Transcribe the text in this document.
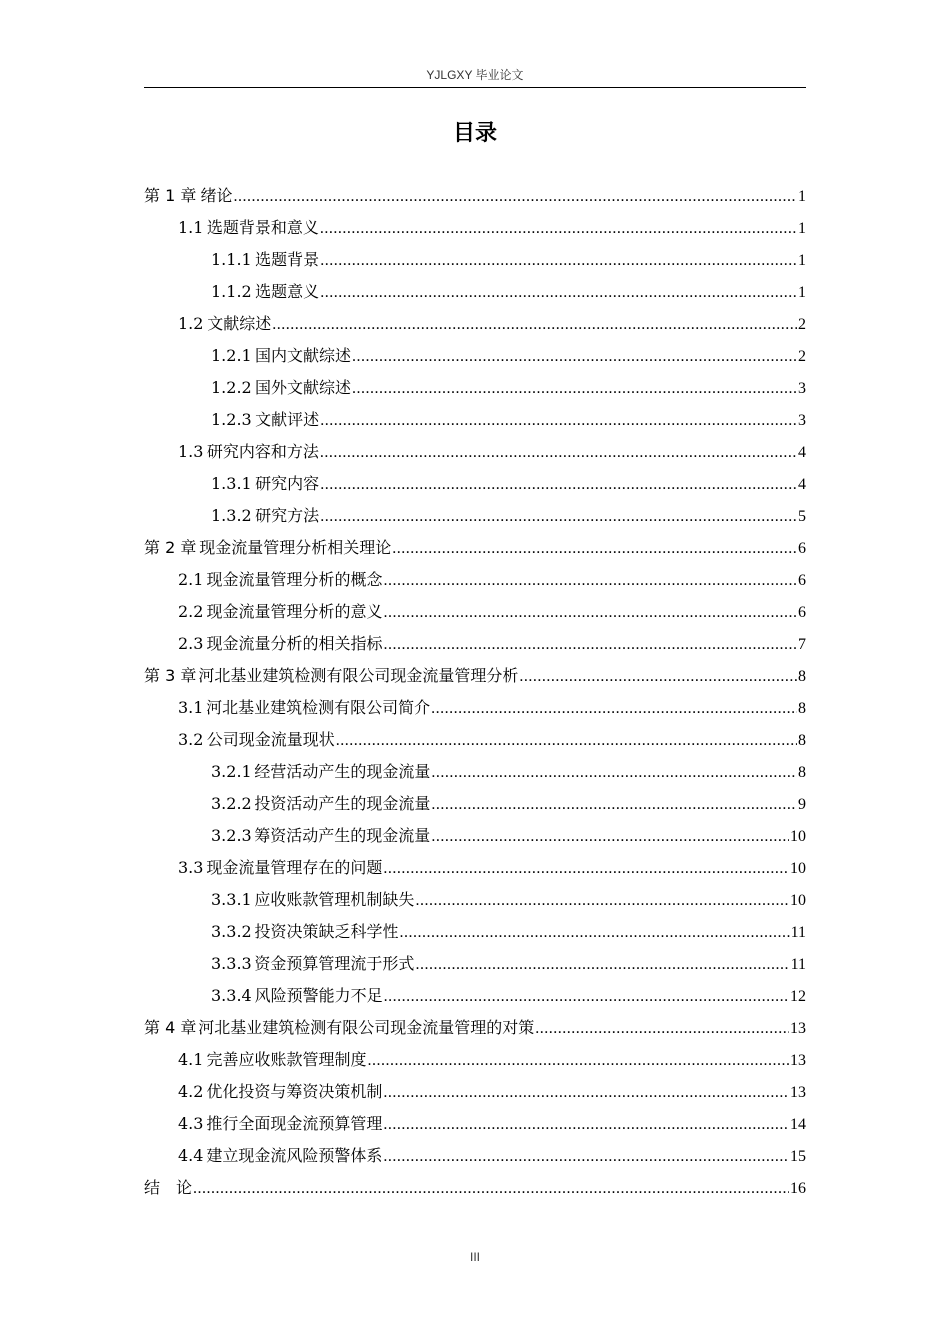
YJLGXY 毕业论文
目录
第 1 章 绪论 .....	1
1.1 选题背景和意义 .....	1
1.1.1 选题背景 .....	1
1.1.2 选题意义 .....	1
1.2 文献综述 .....	2
1.2.1 国内文献综述 .....	2
1.2.2 国外文献综述 .....	3
1.2.3 文献评述 .....	3
1.3 研究内容和方法 .....	4
1.3.1 研究内容 .....	4
1.3.2 研究方法 .....	5
第 2 章 现金流量管理分析相关理论 .....	6
2.1 现金流量管理分析的概念 .....	6
2.2 现金流量管理分析的意义 .....	6
2.3 现金流量分析的相关指标 .....	7
第 3 章 河北基业建筑检测有限公司现金流量管理分析 .....	8
3.1 河北基业建筑检测有限公司简介 .....	8
3.2 公司现金流量现状 .....	8
3.2.1 经营活动产生的现金流量 .....	8
3.2.2 投资活动产生的现金流量 .....	9
3.2.3 筹资活动产生的现金流量 .....	10
3.3 现金流量管理存在的问题 .....	10
3.3.1 应收账款管理机制缺失 .....	10
3.3.2 投资决策缺乏科学性 .....	11
3.3.3 资金预算管理流于形式 .....	11
3.3.4 风险预警能力不足 .....	12
第 4 章 河北基业建筑检测有限公司现金流量管理的对策 .....	13
4.1 完善应收账款管理制度 .....	13
4.2 优化投资与筹资决策机制 .....	13
4.3 推行全面现金流预算管理 .....	14
4.4 建立现金流风险预警体系 .....	15
结　论 .....	16
III
